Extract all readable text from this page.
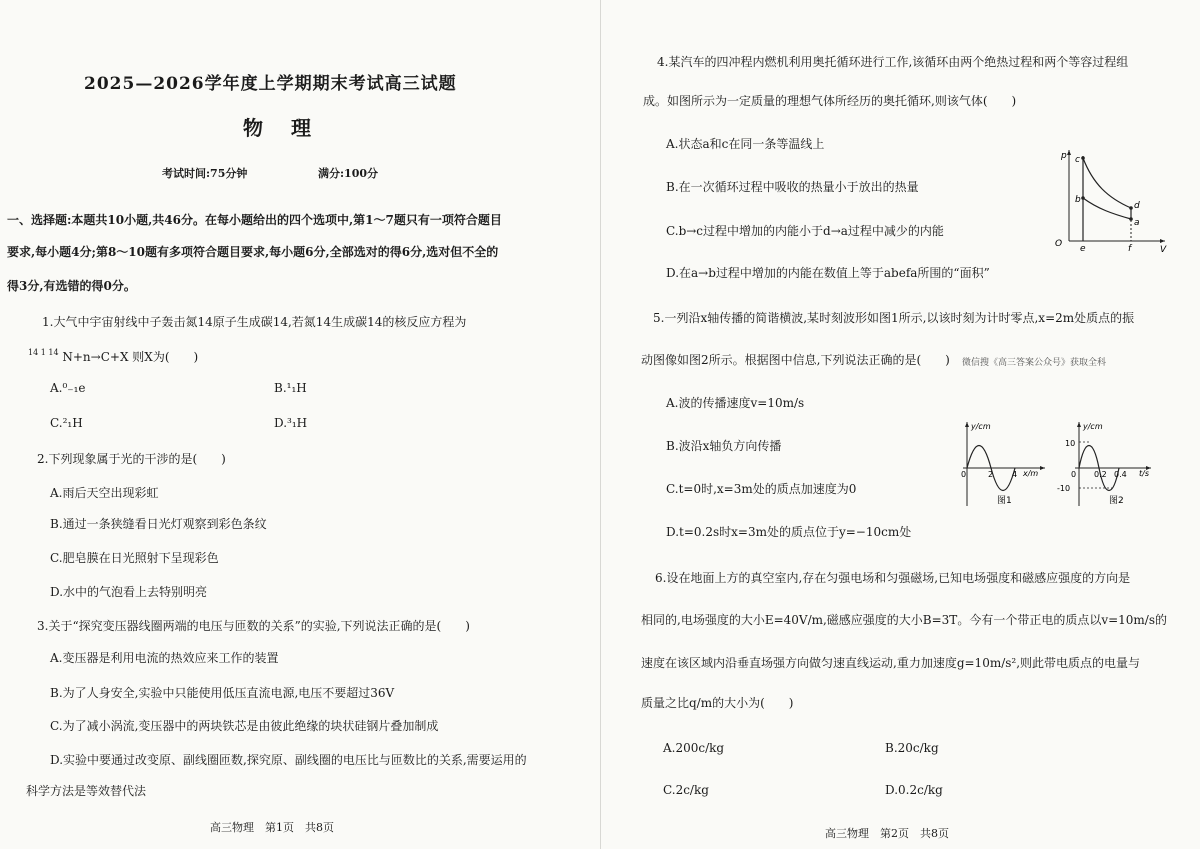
2025—2026学年度上学期期末考试高三试题
物理
考试时间:75分钟	满分:100分
一、选择题:本题共10小题,共46分。在每小题给出的四个选项中,第1～7题只有一项符合题目
要求,每小题4分;第8～10题有多项符合题目要求,每小题6分,全部选对的得6分,选对但不全的
得3分,有选错的得0分。
1.大气中宇宙射线中子轰击氮14原子生成碳14,若氮14生成碳14的核反应方程为
$^{14 1 14}$ N+n→C+X 则X为(　　)
A.⁰₋₁e	B.¹₁H
C.²₁H	D.³₁H
2.下列现象属于光的干涉的是(　　)
A.雨后天空出现彩虹
B.通过一条狭缝看日光灯观察到彩色条纹
C.肥皂膜在日光照射下呈现彩色
D.水中的气泡看上去特别明亮
3.关于“探究变压器线圈两端的电压与匝数的关系”的实验,下列说法正确的是(　　)
A.变压器是利用电流的热效应来工作的装置
B.为了人身安全,实验中只能使用低压直流电源,电压不要超过36V
C.为了减小涡流,变压器中的两块铁芯是由彼此绝缘的块状硅钢片叠加制成
D.实验中要通过改变原、副线圈匝数,探究原、副线圈的电压比与匝数比的关系,需要运用的
科学方法是等效替代法
高三物理　第1页　共8页
4.某汽车的四冲程内燃机利用奥托循环进行工作,该循环由两个绝热过程和两个等容过程组
成。如图所示为一定质量的理想气体所经历的奥托循环,则该气体(　　)
A.状态a和c在同一条等温线上
B.在一次循环过程中吸收的热量小于放出的热量
C.b→c过程中增加的内能小于d→a过程中减少的内能
D.在a→b过程中增加的内能在数值上等于abefa所围的“面积”
p
V
O
c
b
d
a
e	f
5.一列沿x轴传播的简谐横波,某时刻波形如图1所示,以该时刻为计时零点,x=2m处质点的振
动图像如图2所示。根据图中信息,下列说法正确的是(　　) 微信搜《高三答案公众号》获取全科
A.波的传播速度v=10m/s
B.波沿x轴负方向传播
C.t=0时,x=3m处的质点加速度为0
D.t=0.2s时x=3m处的质点位于y=−10cm处
y/cm
x/m
0	2 4
图1
y/cm
10
-10
0 0.2 0.4 t/s
图2
6.设在地面上方的真空室内,存在匀强电场和匀强磁场,已知电场强度和磁感应强度的方向是
相同的,电场强度的大小E=40V/m,磁感应强度的大小B=3T。今有一个带正电的质点以v=10m/s的
速度在该区域内沿垂直场强方向做匀速直线运动,重力加速度g=10m/s²,则此带电质点的电量与
质量之比q/m的大小为(　　)
A.200c/kg	B.20c/kg
C.2c/kg	D.0.2c/kg
高三物理　第2页　共8页
